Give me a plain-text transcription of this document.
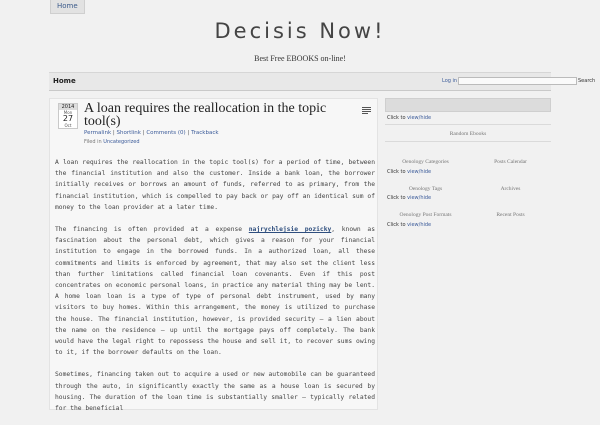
Home
Decisis Now!
Best Free EBOOKS on-line!
Home	Log in	Search
2014
Mon
27
Oct
A loan requires the reallocation in the topic tool(s)
Permalink | Shortlink | Comments (0) | Trackback
Filed in Uncategorized

A loan requires the reallocation in the topic tool(s) for a period of time, between the financial institution and also the customer. Inside a bank loan, the borrower initially receives or borrows an amount of funds, referred to as primary, from the financial institution, which is compelled to pay back or pay off an identical sum of money to the loan provider at a later time.

The financing is often provided at a expense najrychlejsie pozicky, known as fascination about the personal debt, which gives a reason for your financial institution to engage in the borrowed funds. In a authorized loan, all these commitments and limits is enforced by agreement, that may also set the client less than further limitations called financial loan covenants. Even if this post concentrates on economic personal loans, in practice any material thing may be lent. A home loan loan is a type of type of personal debt instrument, used by many visitors to buy homes. Within this arrangement, the money is utilized to purchase the house. The financial institution, however, is provided security — a lien about the name on the residence — up until the mortgage pays off completely. The bank would have the legal right to repossess the house and sell it, to recover sums owing to it, if the borrower defaults on the loan.

Sometimes, financing taken out to acquire a used or new automobile can be guaranteed through the auto, in significantly exactly the same as a house loan is secured by housing. The duration of the loan time is substantially smaller — typically related for the beneficial

Click to view/hide
Random Ebooks
Oenology Categories	Posts Calendar
Click to view/hide
Oenology Tags	Archives
Click to view/hide
Oenology Post Formats	Recent Posts
Click to view/hide
